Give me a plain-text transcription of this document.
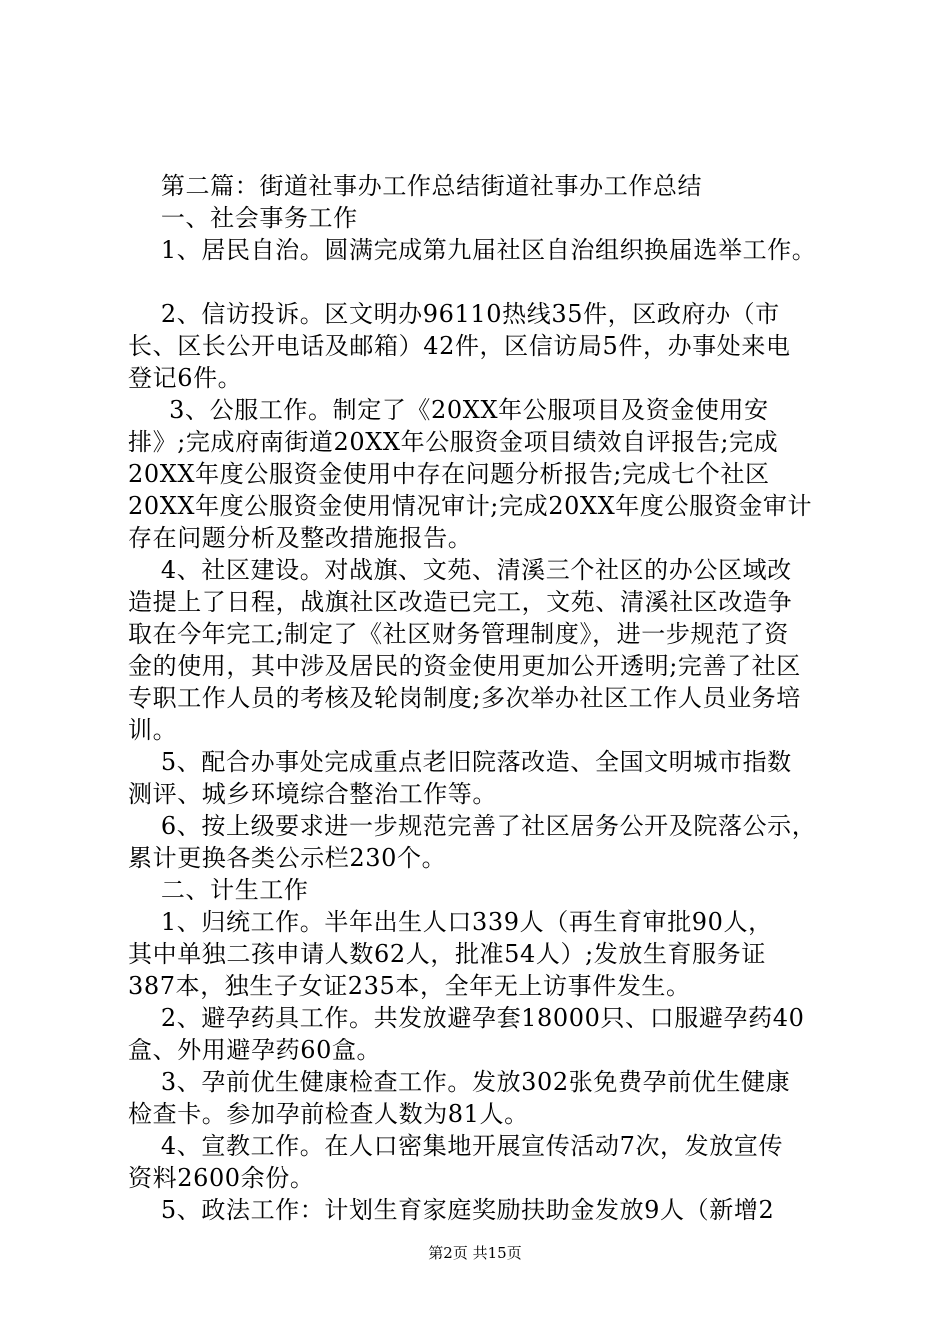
第二篇：街道社事办工作总结街道社事办工作总结
一、社会事务工作
1、居民自治。圆满完成第九届社区自治组织换届选举工作。
2、信访投诉。区文明办96110热线35件，区政府办（市
长、区长公开电话及邮箱）42件，区信访局5件，办事处来电
登记6件。
3、公服工作。制定了《20XX年公服项目及资金使用安
排》;完成府南街道20XX年公服资金项目绩效自评报告;完成
20XX年度公服资金使用中存在问题分析报告;完成七个社区
20XX年度公服资金使用情况审计;完成20XX年度公服资金审计
存在问题分析及整改措施报告。
4、社区建设。对战旗、文苑、清溪三个社区的办公区域改
造提上了日程，战旗社区改造已完工，文苑、清溪社区改造争
取在今年完工;制定了《社区财务管理制度》，进一步规范了资
金的使用，其中涉及居民的资金使用更加公开透明;完善了社区
专职工作人员的考核及轮岗制度;多次举办社区工作人员业务培
训。
5、配合办事处完成重点老旧院落改造、全国文明城市指数
测评、城乡环境综合整治工作等。
6、按上级要求进一步规范完善了社区居务公开及院落公示，
累计更换各类公示栏230个。
二、计生工作
1、归统工作。半年出生人口339人（再生育审批90人，
其中单独二孩申请人数62人，批准54人）;发放生育服务证
387本，独生子女证235本，全年无上访事件发生。
2、避孕药具工作。共发放避孕套18000只、口服避孕药40
盒、外用避孕药60盒。
3、孕前优生健康检查工作。发放302张免费孕前优生健康
检查卡。参加孕前检查人数为81人。
4、宣教工作。在人口密集地开展宣传活动7次，发放宣传
资料2600余份。
5、政法工作：计划生育家庭奖励扶助金发放9人（新增2
第2页 共15页
